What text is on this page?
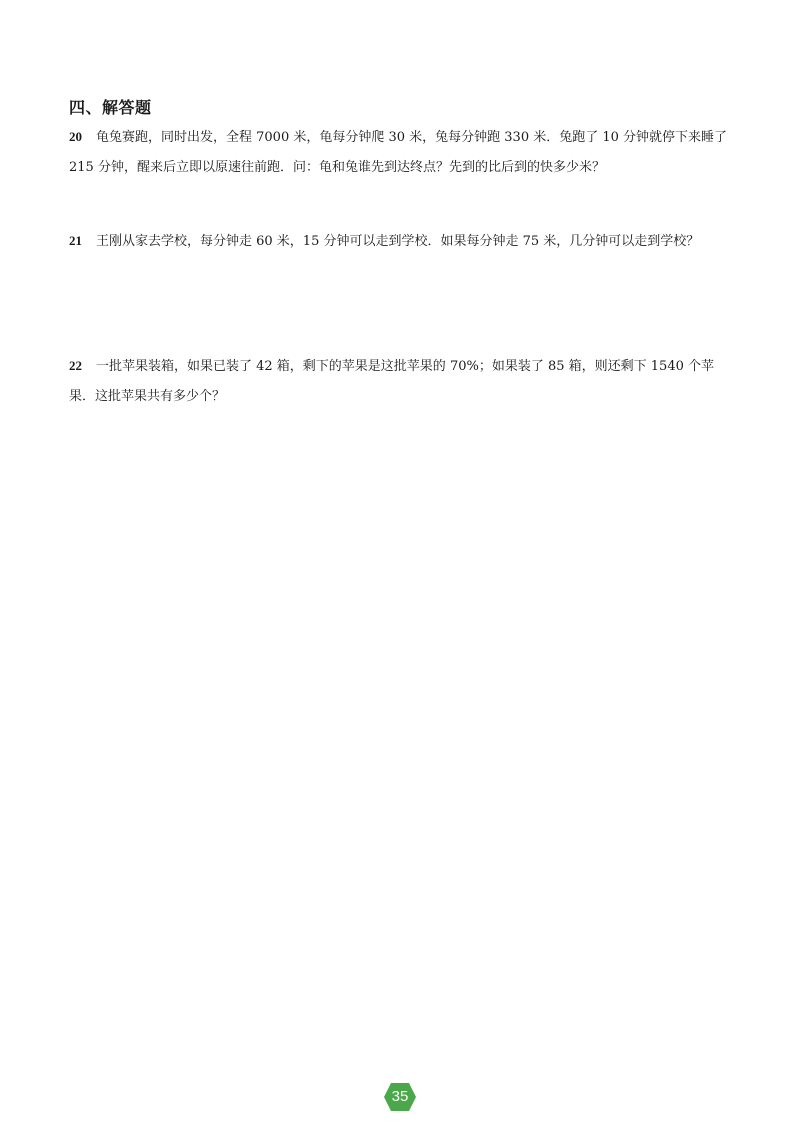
四、解答题
20 龟兔赛跑，同时出发，全程 7000 米，龟每分钟爬 30 米，兔每分钟跑 330 米．兔跑了 10 分钟就停下来睡了 215 分钟，醒来后立即以原速往前跑．问：龟和兔谁先到达终点？先到的比后到的快多少米？
21 王刚从家去学校，每分钟走 60 米，15 分钟可以走到学校．如果每分钟走 75 米，几分钟可以走到学校？
22 一批苹果装箱，如果已装了 42 箱，剩下的苹果是这批苹果的 70%；如果装了 85 箱，则还剩下 1540 个苹果．这批苹果共有多少个？
35
